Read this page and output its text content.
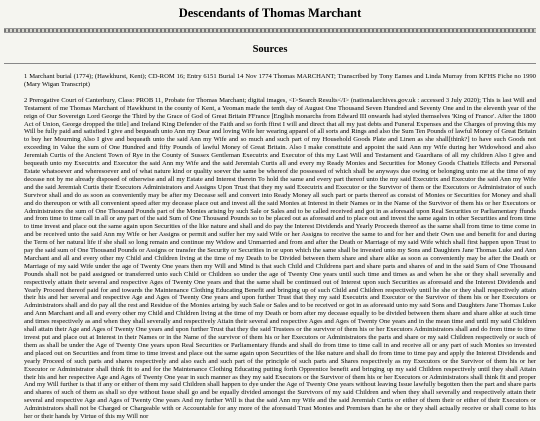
Descendants of Thomas Marchant
Sources

1 Marchant burial (1774); (Hawkhurst, Kent); CD-ROM 16; Entry 6151 Burial 14 Nov 1774 Thomas MARCHANT; Transcribed by Tony Eames and Linda Murray from KFHS Fiche no 1990 (Mary Wigan Transcript)

2 Prerogative Court of Canterbury, Class: PROB 11, Probate for Thomas Marchant; digital images, <I>Search Results</I> (nationalarchives.gov.uk : accessed 3 July 2020); This is last Will and Testament of me Thomas Marchant of Hawkhurst in the county of Kent, a Yeoman made the tenth day of August One Thousand Seven Hundred and Seventy One and in the eleventh year of the reign of Our Sovereign Lord George the Third by the Grace of God of Great Britain FFrance [English monarchs from Edward III onwards had styled themselves 'King of France'. After the 1800 Act of Union, George dropped the title] and Ireland King Defender of the Faith and so forth ffirst I will and direct that all my just debts and Funeral Expenses and the Charges of proving this my Will be fully paid and satisfied I give and bequeath unto Ann my Dear and loving Wife her wearing apparel of all sorts and Rings and also the Sum Ten Pounds of lawful Money of Great Britain to buy her Mourning Also I give and bequeath unto the said Ann my Wife and so much and such part of my Household Goods Plate and Linen as she shall[think?] to have such Goods not exceeding in Value the sum of One Hundred and fifty Pounds of lawful Money of Great Britain. Also I make constitute and appoint the said Ann my Wife during her Widowhood and also Jeremiah Curtis of the Ancient Town of Rye in the County of Sussex Gentleman Executrix and Executor of this my Last Will and Testament and Guardians of all my children Also I give and bequeath unto my Executrix and Executor the said Ann my Wife and the said Jeremiah Curtis all and every my Ready Monies and Securities for Money Goods Chattels Effects and Personal Estate whatsoever and wheresoever and of what nature kind or quality soever the same be whereof die possessed of which shall be anyways due owing or belonging unto me at the time of my decease not by me already disposed of otherwise and all my Estate and Interest therein To hold the same and every part thereof unto the my said Executrix and Executor the said Ann my Wife and the said Jeremiah Curtis their Executors Administrators and Assigns Upon Trust that they my said Executrix and Executor or the Survivor of them or the Executors or Administrator of such Survivor shall and do as soon as conveniently may be after my Decease sell and convert into Ready Money all such part or parts thereof as consist of Monies or Securities for Money and shall and do thereupon or with all convenient speed after my decease place out and invest all the said Monies at Interest in their Names or in the Name of the Survivor of them his or her Executors or Administrators the sum of One Thousand Pounds part of the Monies arising by such Sale or Sales and to be called received and got in as aforesaid upon Real Securities or Parliamentary ffunds and from time to time call in all or any part of the said Sum of One Thousand Pounds so to be placed out as aforesaid and to place out and invest the same again in other Securities and from time to time invest and place out the same again upon Securities of the like nature and shall and do pay the Interest Dividends and Yearly Proceeds thereof as the same shall from time to time come in and be received unto the said Ann my Wife or her Assigns or permit and suffer her my said Wife or her Assigns to receive the same to and for her and their Own use and benefit for and during the Term of her natural life if she shall so long remain and continue my Widow and Unmarried and from and after the Death or Marriage of my said Wife which shall first happen upon Trust to pay the said sum of One Thousand Pounds or Assigns or transfer the Security or Securities in or upon which the same shall be invested unto my Sons and Daughters Jane Thomas Luke and Ann Marchant and all and every other my Child and Children living at the time of my Death to be Divided between them share and share alike as soon as conveniently may be after the Death or Marriage of my said Wife under the age of Twenty One years then my Will and Mind is that such Child and Childrens part and share parts and shares of and in the said Sum of One Thousand Pounds shall not be paid assigned or transferred unto such Child or Children so under the age of Twenty One years until such time and times as and when he she or they shall severally and respectively attain their several and respective Ages of Twenty One years and that the same shall be continued out of Interest upon such Securities as aforesaid and the Interest Dividends and Yearly Proceed thereof paid for and towards the Maintenance Clothing Educating Benefit and bringing up of such Child and Children respectively until he she or they shall respectively attain their his and her several and respective Age and Ages of Twenty One years and upon further Trust that they my said Executrix and Executor or the Survivor of them his or her Executors or Administrators shall and do pay all the rest and Residue of the Monies arising by such Sale or Sales and to be received or got in as aforesaid unto my said Sons and Daughters Jane Thomas Luke and Ann Marchant and all and every other my Child and Children living at the time of my Death or born after my decease equally to be divided between them share and share alike at such time and times respectively as and when they shall severally and respectively Attain their several and respective Ages and Ages of Twenty One years and in the mean time and until my said Children shall attain their Age and Ages of Twenty One years and upon further Trust that they the said Trustees or the survivor of them his or her Executors Administrators shall and do from time to time invest put and place out at Interest in their Names or in the Name of the survivor of them his or her Executors or Administrators the parts and share or my said Children respectively or such of them as shall be under the Age of Twenty One years upon Real Securities or Parliamentary ffunds and shall do from time to time call in and receive all or any part of such Monies so invested and placed out on Securities and from time to time invest and place out the same again upon Securities of the like nature and shall do from time to time pay and apply the Interest Dividends and yearly Proceed of such parts and shares respectively and also each and such part of the principle of such parts and Shares respectively as my Executors or the Survivor of them his or her Executor or Administrator shall think fit to and for the Maintenance Clothing Educating putting forth Opprentice benefit and bringing up my said Children respectively until they shall Attain their his and her respective Age and Ages of Twenty One year in such manner as they my said Executors or the Survivor of them his or her Executors or Administrators shall think fit and proper And my Will further is that if any or either of them my said Children shall happen to dye under the Age of Twenty One years without leaving Issue lawfully begotten then the part and share parts and shares of such of them as shall so dye without Issue shall go and be equally divided amongst the Survivors of my said Children and when they shall severally and respectively attain their several and respective Age and Ages of Twenty One years And my further Will is that the said Ann my Wife and the said Jeremiah Curtis or either of them their or either of their Executors or Administrators shall not be Charged or Chargeable with or Accountable for any more of the aforesaid Trust Monies and Premises than he she or they shall actually receive or shall come to his her or their hands by Virtue of this my Will nor
